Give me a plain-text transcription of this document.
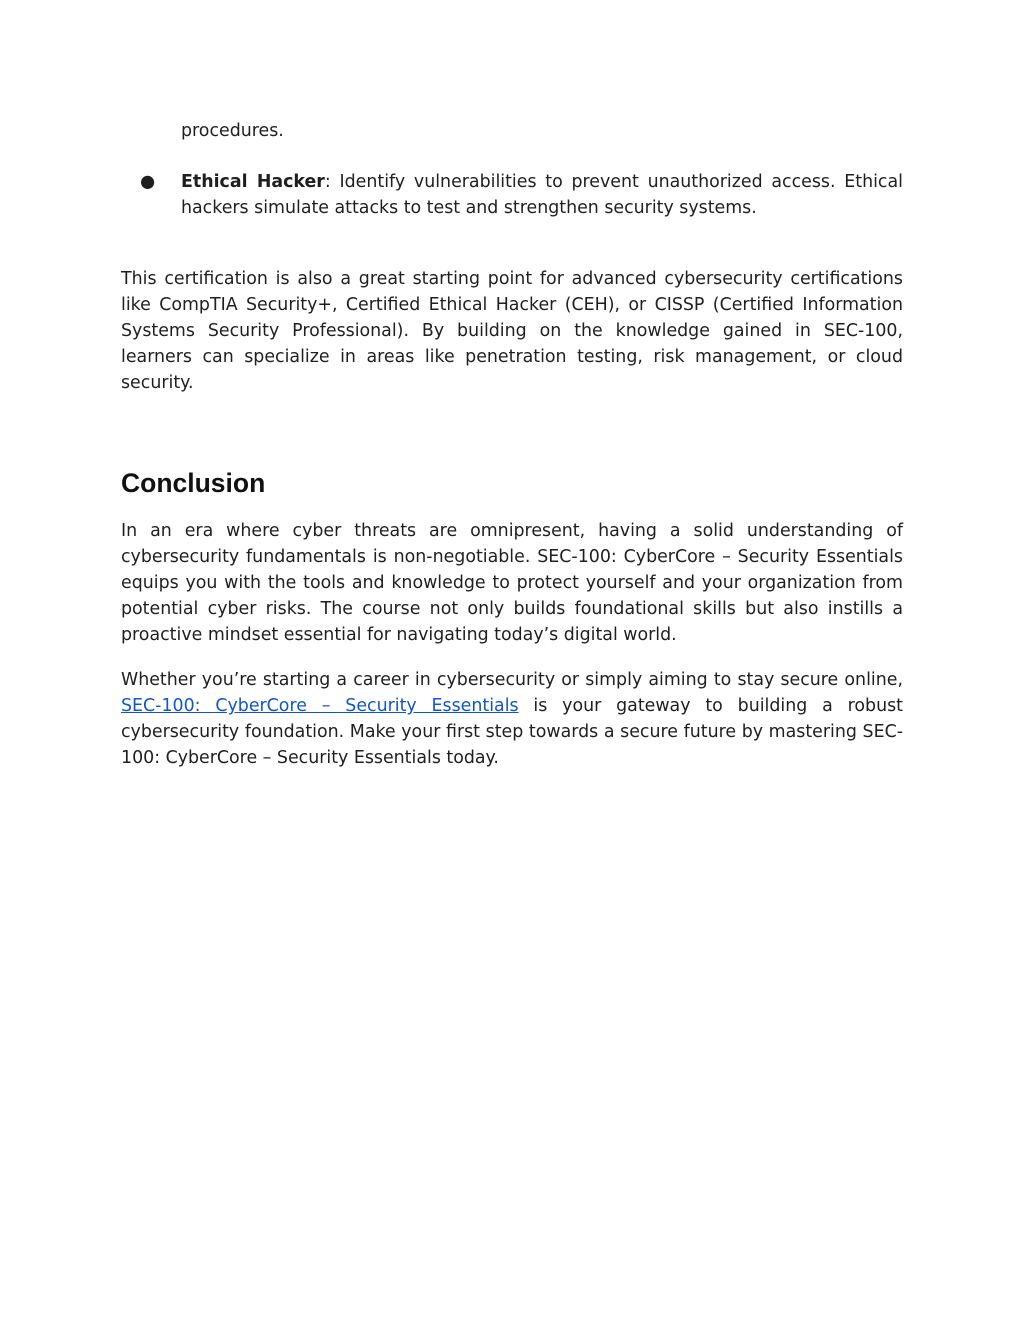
procedures.

● Ethical Hacker: Identify vulnerabilities to prevent unauthorized access. Ethical hackers simulate attacks to test and strengthen security systems.

This certification is also a great starting point for advanced cybersecurity certifications like CompTIA Security+, Certified Ethical Hacker (CEH), or CISSP (Certified Information Systems Security Professional). By building on the knowledge gained in SEC-100, learners can specialize in areas like penetration testing, risk management, or cloud security.

Conclusion

In an era where cyber threats are omnipresent, having a solid understanding of cybersecurity fundamentals is non-negotiable. SEC-100: CyberCore – Security Essentials equips you with the tools and knowledge to protect yourself and your organization from potential cyber risks. The course not only builds foundational skills but also instills a proactive mindset essential for navigating today’s digital world.

Whether you’re starting a career in cybersecurity or simply aiming to stay secure online, SEC-100: CyberCore – Security Essentials is your gateway to building a robust cybersecurity foundation. Make your first step towards a secure future by mastering SEC-100: CyberCore – Security Essentials today.
